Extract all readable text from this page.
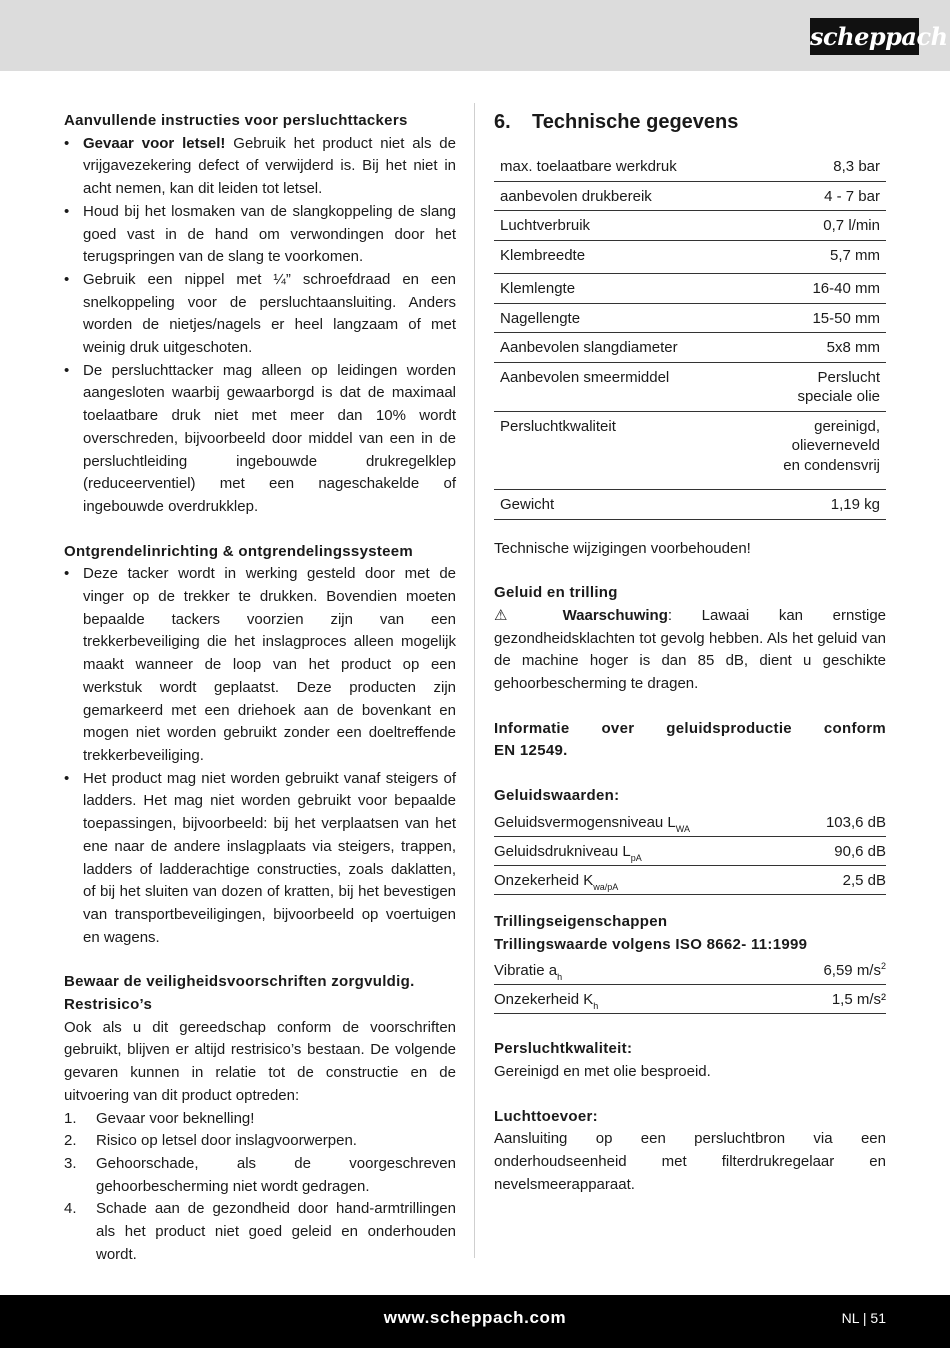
scheppach
Aanvullende instructies voor persluchttackers
• Gevaar voor letsel! Gebruik het product niet als de vrijgavezekering defect of verwijderd is. Bij het niet in acht nemen, kan dit leiden tot letsel.
• Houd bij het losmaken van de slangkoppeling de slang goed vast in de hand om verwondingen door het terugspringen van de slang te voorkomen.
• Gebruik een nippel met ¼” schroefdraad en een snelkoppeling voor de persluchtaansluiting. Anders worden de nietjes/nagels er heel langzaam of met weinig druk uitgeschoten.
• De persluchttacker mag alleen op leidingen worden aangesloten waarbij gewaarborgd is dat de maximaal toelaatbare druk niet met meer dan 10% wordt overschreden, bijvoorbeeld door middel van een in de persluchtleiding ingebouwde drukregelklep (reduceerventiel) met een nageschakelde of ingebouwde overdrukklep.
Ontgrendelinrichting & ontgrendelingssysteem
• Deze tacker wordt in werking gesteld door met de vinger op de trekker te drukken. Bovendien moeten bepaalde tackers voorzien zijn van een trekkerbeveiliging die het inslagproces alleen mogelijk maakt wanneer de loop van het product op een werkstuk wordt geplaatst. Deze producten zijn gemarkeerd met een driehoek aan de bovenkant en mogen niet worden gebruikt zonder een doeltreffende trekkerbeveiliging.
• Het product mag niet worden gebruikt vanaf steigers of ladders. Het mag niet worden gebruikt voor bepaalde toepassingen, bijvoorbeeld: bij het verplaatsen van het ene naar de andere inslagplaats via steigers, trappen, ladders of ladderachtige constructies, zoals daklatten, of bij het sluiten van dozen of kratten, bij het bevestigen van transportbeveiligingen, bijvoorbeeld op voertuigen en wagens.
Bewaar de veiligheidsvoorschriften zorgvuldig.
Restrisico’s
Ook als u dit gereedschap conform de voorschriften gebruikt, blijven er altijd restrisico’s bestaan. De volgende gevaren kunnen in relatie tot de constructie en de uitvoering van dit product optreden:
1. Gevaar voor beknelling!
2. Risico op letsel door inslagvoorwerpen.
3. Gehoorschade, als de voorgeschreven gehoorbescherming niet wordt gedragen.
4. Schade aan de gezondheid door hand-armtrillingen als het product niet goed geleid en onderhouden wordt.
6. Technische gegevens
max. toelaatbare werkdruk	8,3 bar
aanbevolen drukbereik	4 - 7 bar
Luchtverbruik	0,7 l/min
Klembreedte	5,7 mm
Klemlengte	16-40 mm
Nagellengte	15-50 mm
Aanbevolen slangdiameter	5x8 mm
Aanbevolen smeermiddel	Perslucht
speciale olie

Persluchtkwaliteit	gereinigd,
olieverneveld
en condensvrij

Gewicht	1,19 kg
Technische wijzigingen voorbehouden!
Geluid en trilling
⚠ Waarschuwing: Lawaai kan ernstige gezondheidsklachten tot gevolg hebben. Als het geluid van de machine hoger is dan 85 dB, dient u geschikte gehoorbescherming te dragen.
Informatie over geluidsproductie conform
EN 12549.
Geluidswaarden:
Geluidsvermogensniveau $L_{WA}$	103,6 dB
Geluidsdrukniveau $L_{pA}$	90,6 dB
Onzekerheid $K_{wa/pA}$	2,5 dB
Trillingseigenschappen
Trillingswaarde volgens ISO 8662- 11:1999
Vibratie $a_h$	6,59 $m/s^2$
Onzekerheid $K_h$	1,5 m/s²
Persluchtkwaliteit:
Gereinigd en met olie besproeid.
Luchttoevoer:
Aansluiting op een persluchtbron via een onderhoudseenheid met filterdrukregelaar en nevelsmeerapparaat.
www.scheppach.com	NL | 51
